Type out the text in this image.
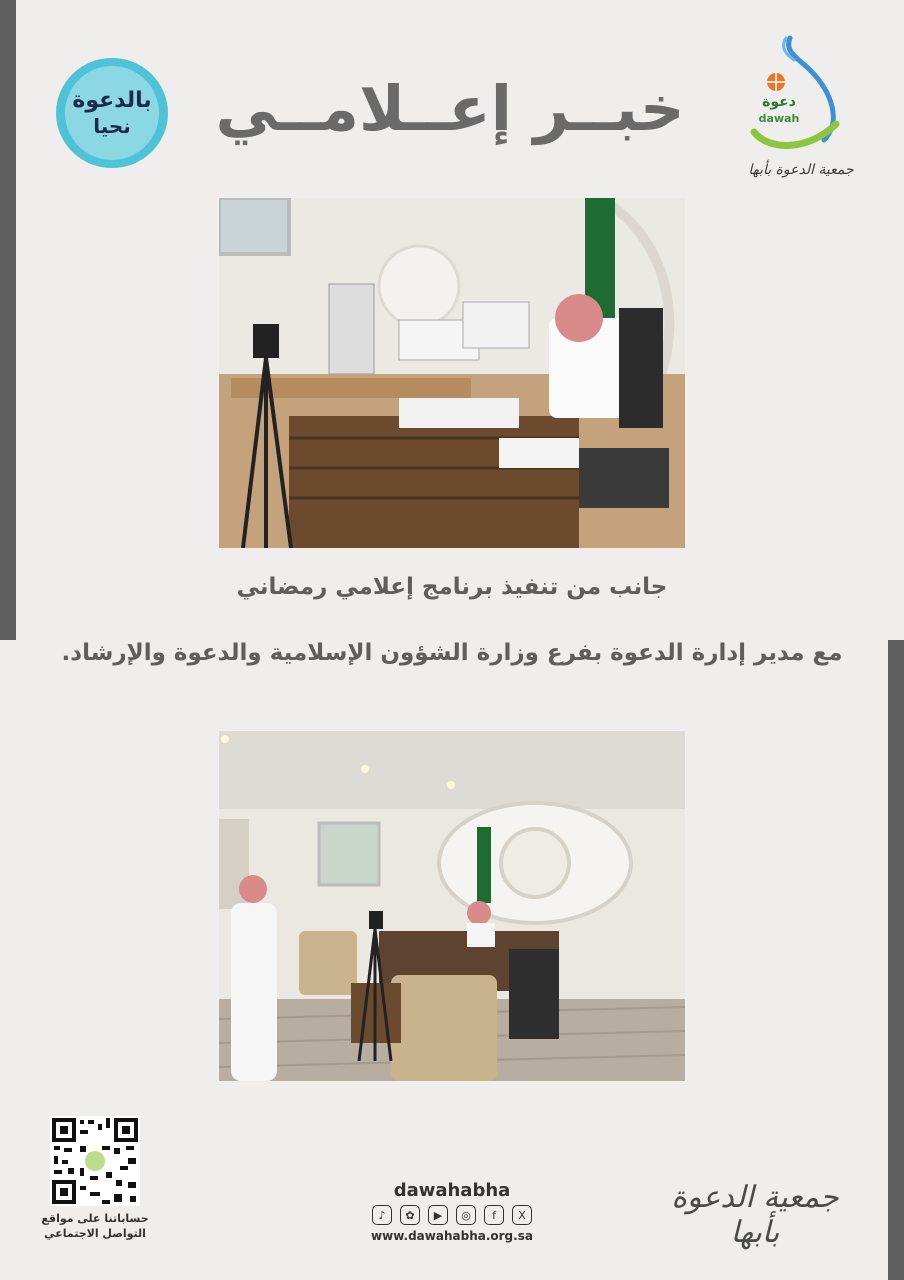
بالدعوة
نحيا خبــر إعــلامــي	دعوة
dawah
جمعية الدعوة بأبها
جانب من تنفيذ برنامج إعلامي رمضاني
مع مدير إدارة الدعوة بفرع وزارة الشؤون الإسلامية والدعوة والإرشاد.
حساباتنا على مواقع
التواصل الاجتماعي
dawahabha
♪	✿	▶	◎	f	X
www.dawahabha.org.sa
جمعية الدعوة بأبها
